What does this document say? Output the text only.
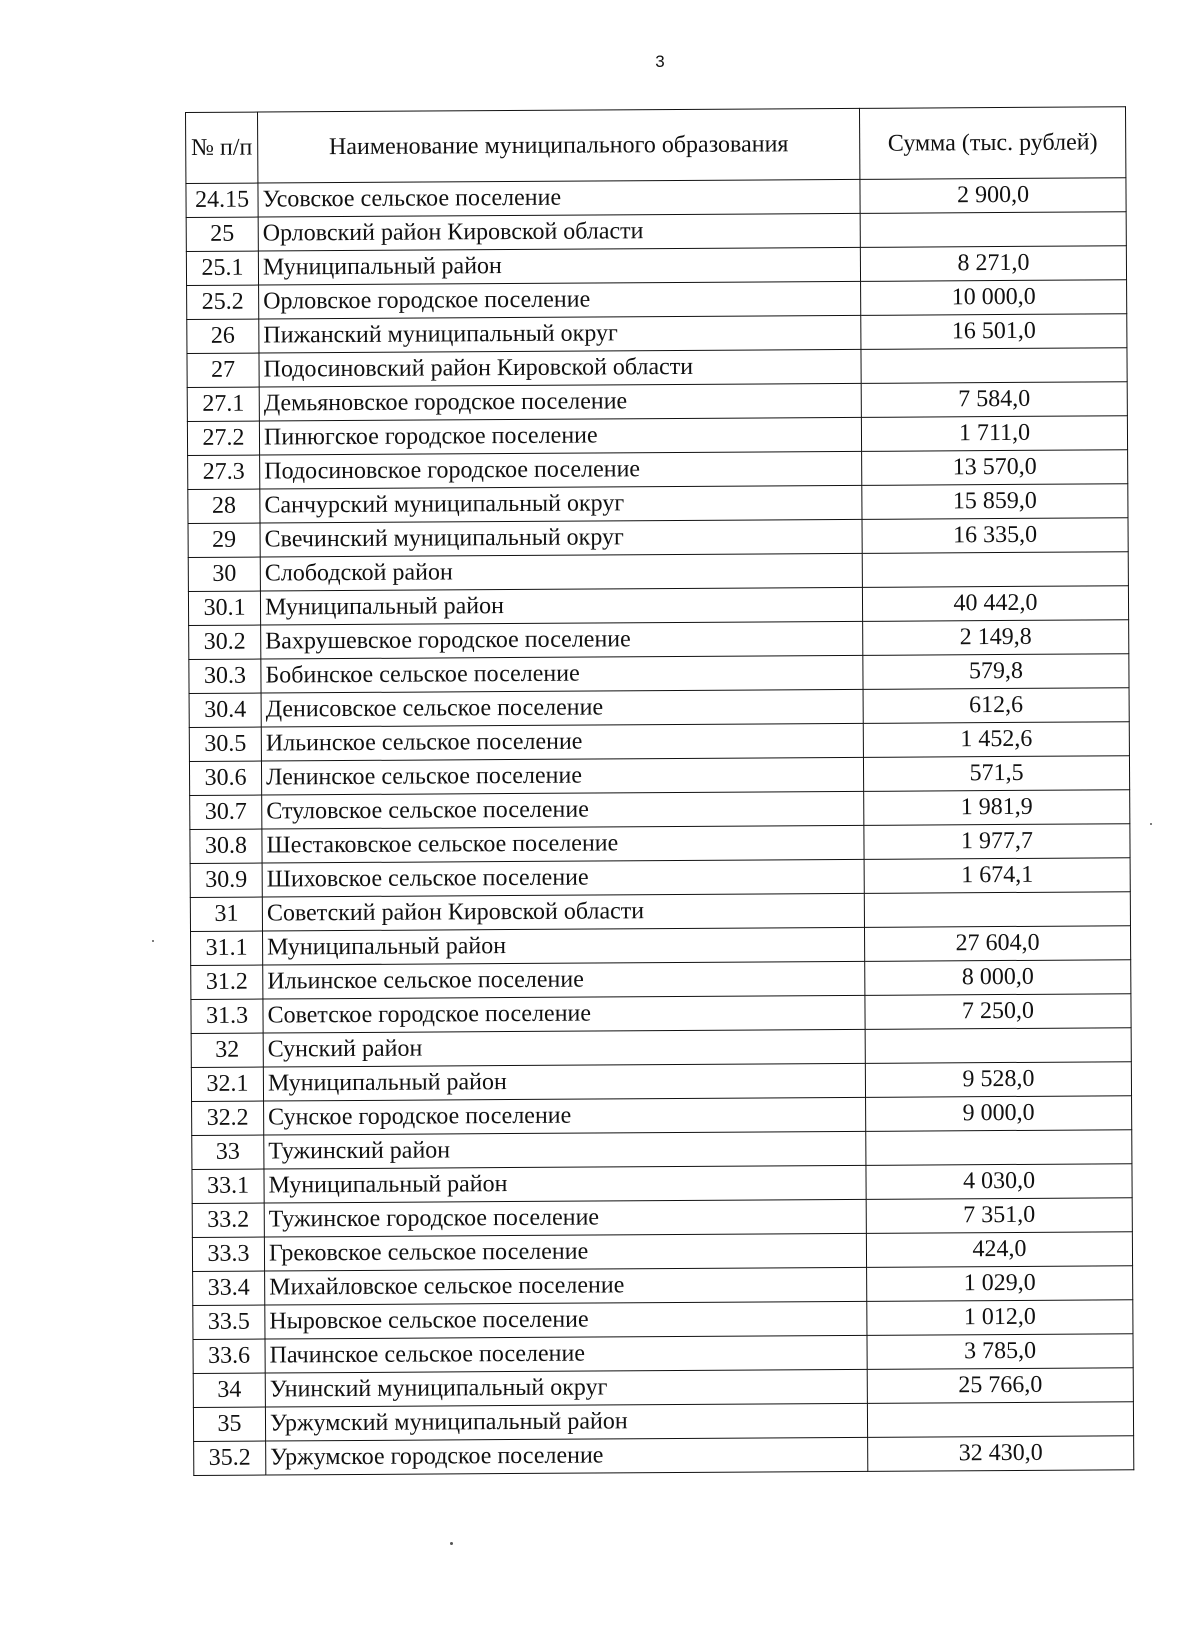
3
№ п/п	Наименование муниципального образования	Сумма (тыс. рублей)
24.15	Усовское сельское поселение	2 900,0
25	Орловский район Кировской области	
25.1	Муниципальный район	8 271,0
25.2	Орловское городское поселение	10 000,0
26	Пижанский муниципальный округ	16 501,0
27	Подосиновский район Кировской области	
27.1	Демьяновское городское поселение	7 584,0
27.2	Пинюгское городское поселение	1 711,0
27.3	Подосиновское городское поселение	13 570,0
28	Санчурский муниципальный округ	15 859,0
29	Свечинский муниципальный округ	16 335,0
30	Слободской район	
30.1	Муниципальный район	40 442,0
30.2	Вахрушевское городское поселение	2 149,8
30.3	Бобинское сельское поселение	579,8
30.4	Денисовское сельское поселение	612,6
30.5	Ильинское сельское поселение	1 452,6
30.6	Ленинское сельское поселение	571,5
30.7	Стуловское сельское поселение	1 981,9
30.8	Шестаковское сельское поселение	1 977,7
30.9	Шиховское сельское поселение	1 674,1
31	Советский район Кировской области	
31.1	Муниципальный район	27 604,0
31.2	Ильинское сельское поселение	8 000,0
31.3	Советское городское поселение	7 250,0
32	Сунский район	
32.1	Муниципальный район	9 528,0
32.2	Сунское городское поселение	9 000,0
33	Тужинский район	
33.1	Муниципальный район	4 030,0
33.2	Тужинское городское поселение	7 351,0
33.3	Грековское сельское поселение	424,0
33.4	Михайловское сельское поселение	1 029,0
33.5	Ныровское сельское поселение	1 012,0
33.6	Пачинское сельское поселение	3 785,0
34	Унинский муниципальный округ	25 766,0
35	Уржумский муниципальный район	
35.2	Уржумское городское поселение	32 430,0
